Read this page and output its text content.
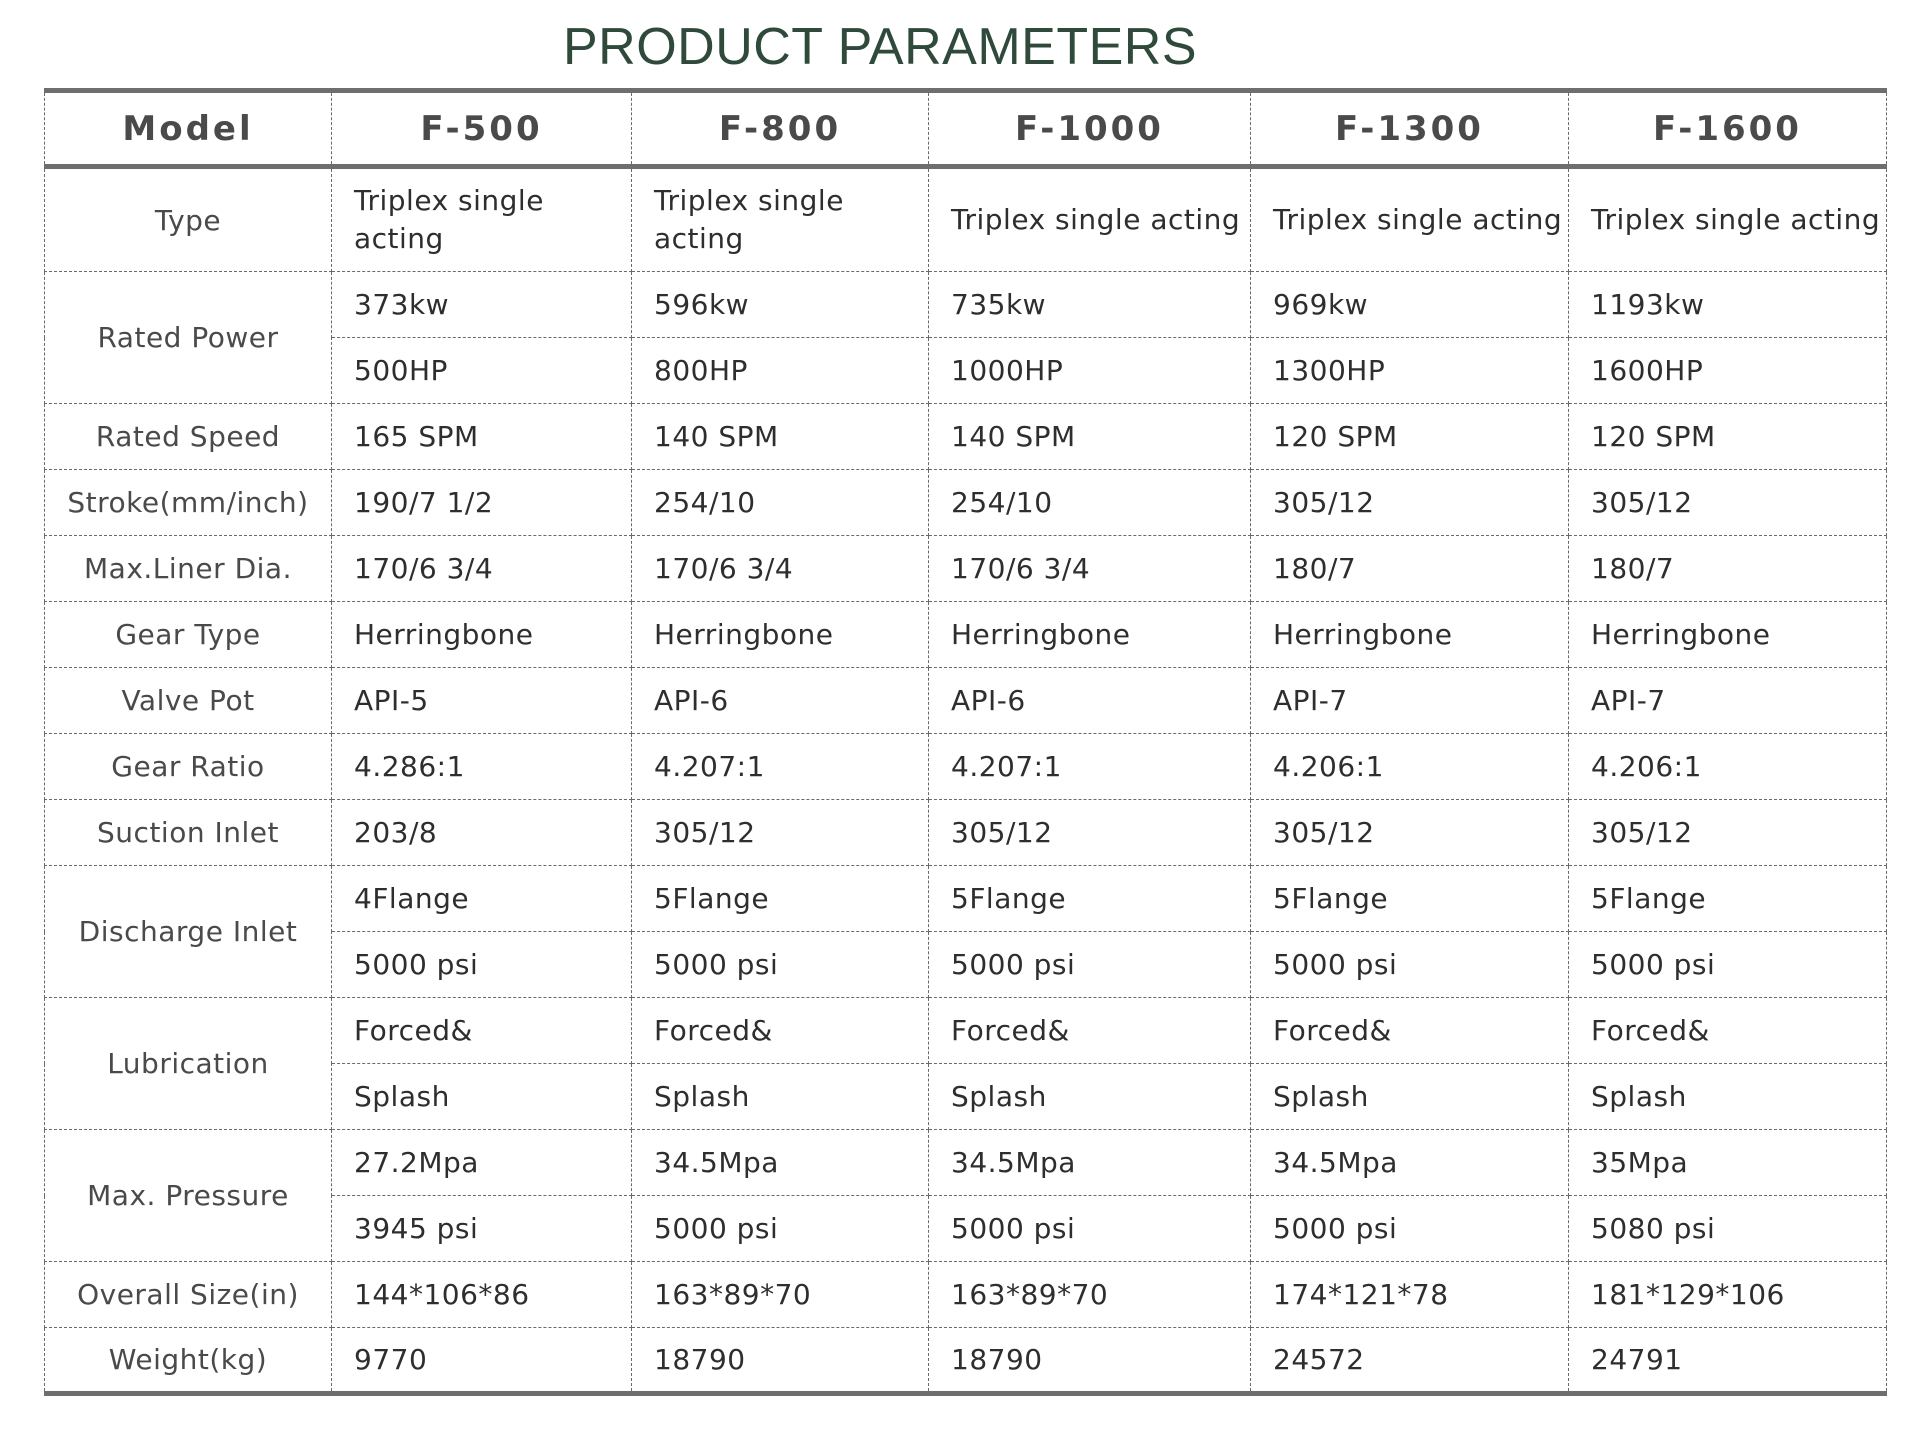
PRODUCT PARAMETERS
Model	F-500	F-800	F-1000	F-1300	F-1600
Type	Triplex single acting	Triplex single acting	Triplex single acting	Triplex single acting	Triplex single acting
Rated Power	373kw	596kw	735kw	969kw	1193kw
	500HP	800HP	1000HP	1300HP	1600HP
Rated Speed	165 SPM	140 SPM	140 SPM	120 SPM	120 SPM
Stroke(mm/inch)	190/7 1/2	254/10	254/10	305/12	305/12
Max.Liner Dia.	170/6 3/4	170/6 3/4	170/6 3/4	180/7	180/7
Gear Type	Herringbone	Herringbone	Herringbone	Herringbone	Herringbone
Valve Pot	API-5	API-6	API-6	API-7	API-7
Gear Ratio	4.286:1	4.207:1	4.207:1	4.206:1	4.206:1
Suction Inlet	203/8	305/12	305/12	305/12	305/12
Discharge Inlet	4Flange	5Flange	5Flange	5Flange	5Flange
	5000 psi	5000 psi	5000 psi	5000 psi	5000 psi
Lubrication	Forced&	Forced&	Forced&	Forced&	Forced&
	Splash	Splash	Splash	Splash	Splash
Max. Pressure	27.2Mpa	34.5Mpa	34.5Mpa	34.5Mpa	35Mpa
	3945 psi	5000 psi	5000 psi	5000 psi	5080 psi
Overall Size(in)	144*106*86	163*89*70	163*89*70	174*121*78	181*129*106
Weight(kg)	9770	18790	18790	24572	24791
